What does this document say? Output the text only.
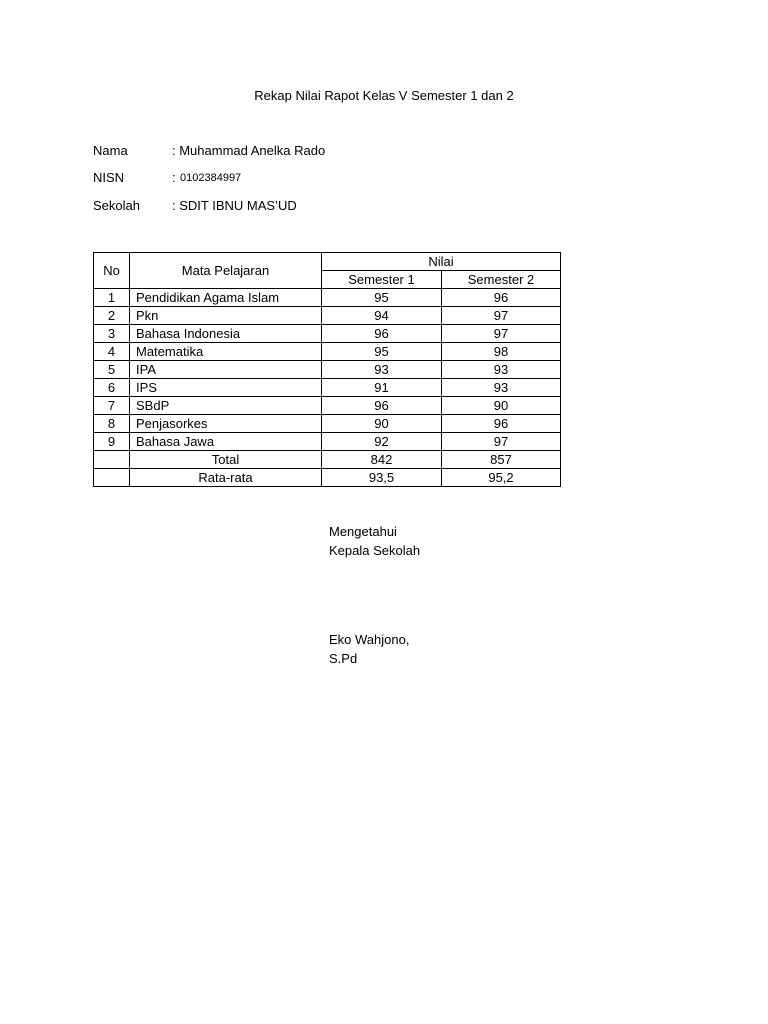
Rekap Nilai Rapot Kelas V Semester 1 dan 2
Nama	: Muhammad Anelka Rado
NISN	: 0102384997
Sekolah : SDIT IBNU MAS’UD
No	Mata Pelajaran	Nilai	
		Semester 1	Semester 2
1	Pendidikan Agama Islam	95	96
2	Pkn	94	97
3	Bahasa Indonesia	96	97
4	Matematika	95	98
5	IPA	93	93
6	IPS	91	93
7	SBdP	96	90
8	Penjasorkes	90	96
9	Bahasa Jawa	92	97
	Total	842	857
	Rata-rata	93,5	95,2
Mengetahui
Kepala Sekolah
Eko Wahjono,
S.Pd
